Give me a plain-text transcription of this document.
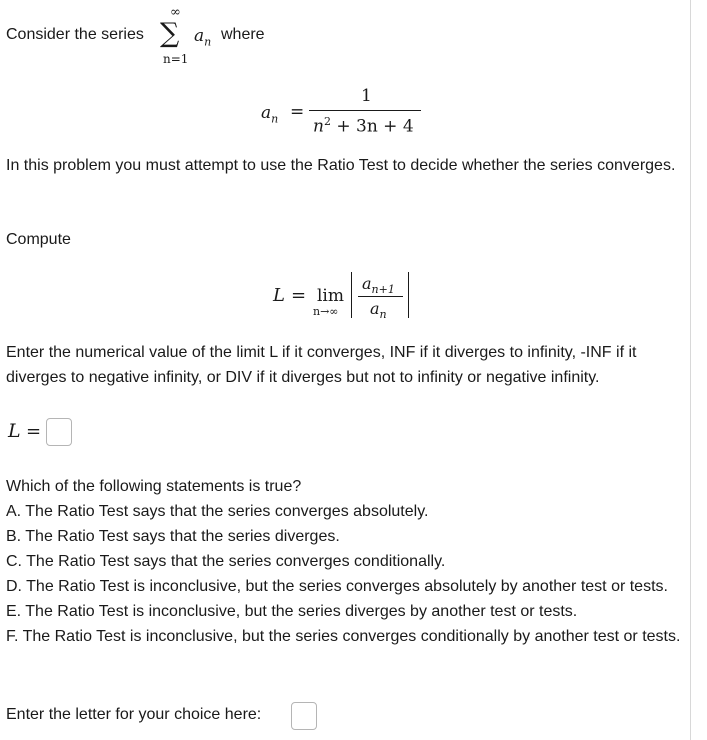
Consider the series
∞
∑
n=1
$a_n$ where
$a_n$ =
1
$n^2 + 3n + 4$
In this problem you must attempt to use the Ratio Test to decide whether the series converges.
Compute
L = lim
n→∞
$a_{n+1}$
$a_n$
Enter the numerical value of the limit L if it converges, INF if it diverges to infinity, -INF if it diverges to negative infinity, or DIV if it diverges but not to infinity or negative infinity.
L =
Which of the following statements is true?
A. The Ratio Test says that the series converges absolutely.
B. The Ratio Test says that the series diverges.
C. The Ratio Test says that the series converges conditionally.
D. The Ratio Test is inconclusive, but the series converges absolutely by another test or tests.
E. The Ratio Test is inconclusive, but the series diverges by another test or tests.
F. The Ratio Test is inconclusive, but the series converges conditionally by another test or tests.
Enter the letter for your choice here:
